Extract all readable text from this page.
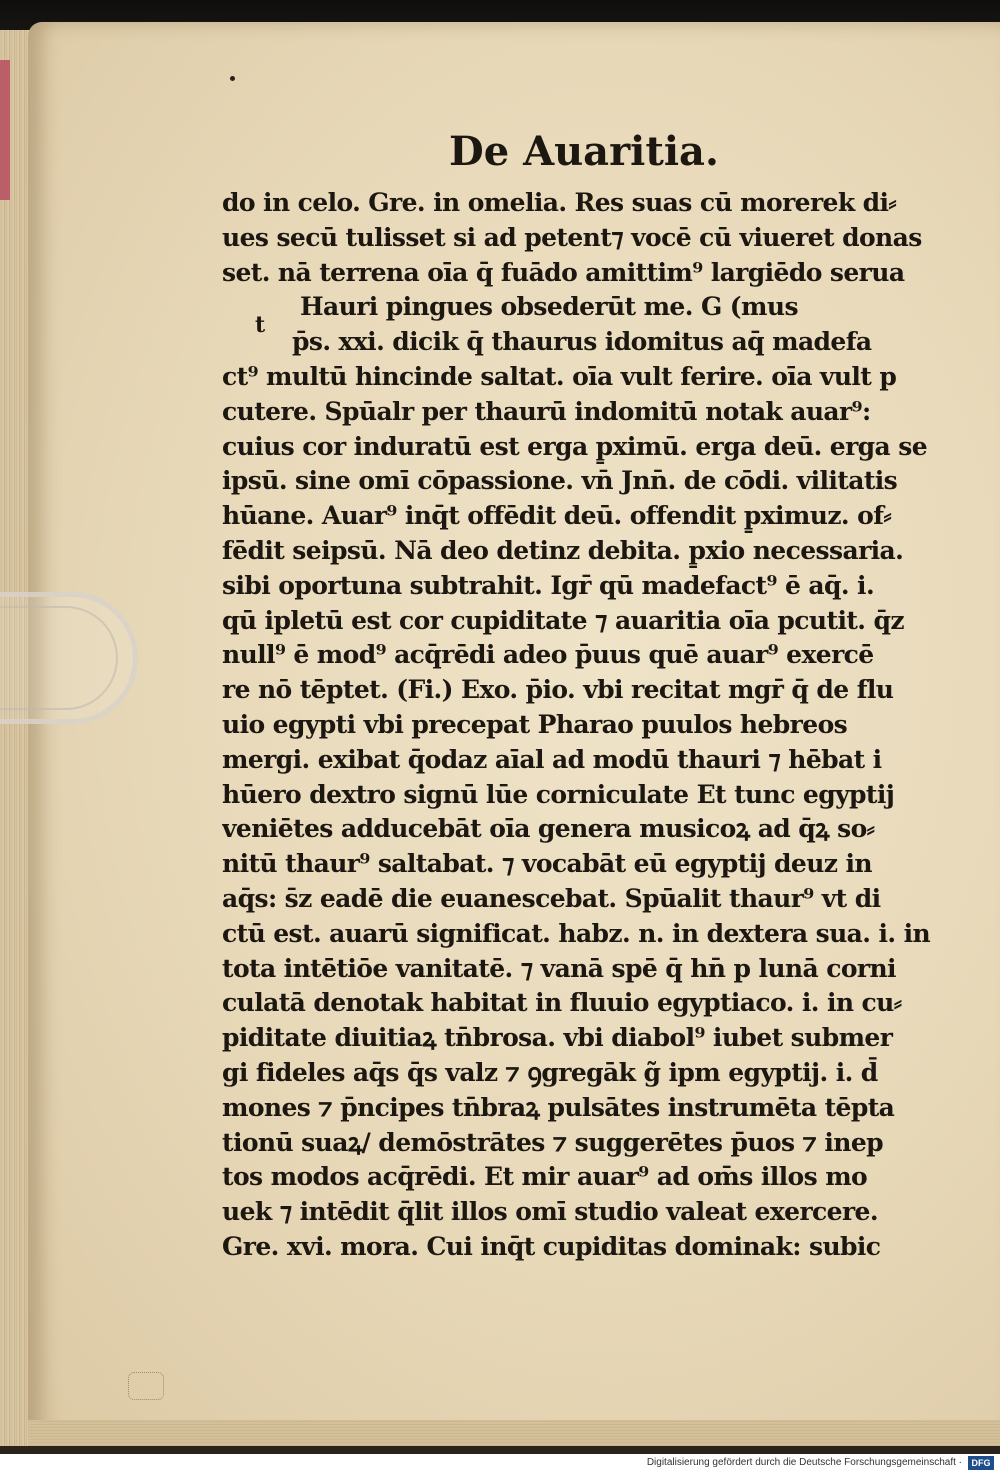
De Auaritia.
t
do in celo. Gre. in omelia. Res suas cū morerek di⸗
ues secū tulisset si ad petent⁊ vocē cū viueret donas
set. nā terrena oīa q̄ fuādo amittim⁹ largiēdo serua
Hauri pingues obsederūt me. G (mus
p̄s. xxi. dicik q̄ thaurus idomitus aq̄ madefa
ct⁹ multū hincinde saltat. oīa vult ferire. oīa vult p
cutere. Spūalr per thaurū indomitū notak auar⁹:
cuius cor induratū est erga p̱ximū. erga deū. erga se
ipsū. sine omī cōpassione. vn̄ Jnn̄. de cōdi. vilitatis
hūane. Auar⁹ inq̄t offēdit deū. offendit p̱ximuz. of⸗
fēdit seipsū. Nā deo detinz debita. p̱xio necessaria.
sibi oportuna subtrahit. Igr̄ qū madefact⁹ ē aq̄. i.
qū ipletū est cor cupiditate ⁊ auaritia oīa pcutit. q̄z
null⁹ ē mod⁹ acq̄rēdi adeo p̄uus quē auar⁹ exercē
re nō tēptet. (Fi.) Exo. p̄io. vbi recitat mgr̄ q̄ de flu
uio egypti vbi precepat Pharao puulos hebreos
mergi. exibat q̄odaz aīal ad modū thauri ⁊ hēbat i
hūero dextro signū lūe corniculate Et tunc egyptij
veniētes adducebāt oīa genera musicoꝝ ad q̄ꝝ so⸗
nitū thaur⁹ saltabat. ⁊ vocabāt eū egyptij deuz in
aq̄s: s̄z eadē die euanescebat. Spūalit thaur⁹ vt di
ctū est. auarū significat. habz. n. in dextera sua. i. in
tota intētiōe vanitatē. ⁊ vanā spē q̄ hn̄ p lunā corni
culatā denotak habitat in fluuio egyptiaco. i. in cu⸗
piditate diuitiaꝝ tn̄brosa. vbi diabol⁹ iubet submer
gi fideles aq̄s q̄s valz ⁊ ꝯgregāk g̃ ipm egyptij. i. d̄
mones ⁊ p̄ncipes tn̄braꝝ pulsātes instrumēta tēpta
tionū suaꝝ/ demōstrātes ⁊ suggerētes p̄uos ⁊ inep
tos modos acq̄rēdi. Et mir auar⁹ ad om̄s illos mo
uek ⁊ intēdit q̄lit illos omī studio valeat exercere.
Gre. xvi. mora. Cui inq̄t cupiditas dominak: subic
Digitalisierung gefördert durch die Deutsche Forschungsgemeinschaft ·	DFG
